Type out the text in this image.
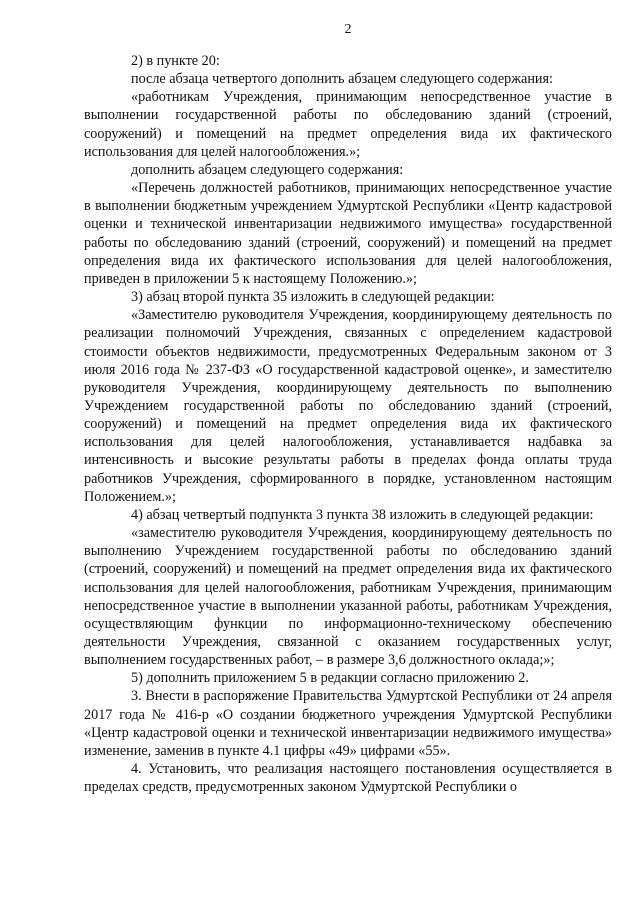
2

2) в пункте 20:

после абзаца четвертого дополнить абзацем следующего содержания:

«работникам Учреждения, принимающим непосредственное участие в выполнении государственной работы по обследованию зданий (строений, сооружений) и помещений на предмет определения вида их фактического использования для целей налогообложения.»;

дополнить абзацем следующего содержания:

«Перечень должностей работников, принимающих непосредственное участие в выполнении бюджетным учреждением Удмуртской Республики «Центр кадастровой оценки и технической инвентаризации недвижимого имущества» государственной работы по обследованию зданий (строений, сооружений) и помещений на предмет определения вида их фактического использования для целей налогообложения, приведен в приложении 5 к настоящему Положению.»;

3) абзац второй пункта 35 изложить в следующей редакции:

«Заместителю руководителя Учреждения, координирующему деятельность по реализации полномочий Учреждения, связанных с определением кадастровой стоимости объектов недвижимости, предусмотренных Федеральным законом от 3 июля 2016 года № 237-ФЗ «О государственной кадастровой оценке», и заместителю руководителя Учреждения, координирующему деятельность по выполнению Учреждением государственной работы по обследованию зданий (строений, сооружений) и помещений на предмет определения вида их фактического использования для целей налогообложения, устанавливается надбавка за интенсивность и высокие результаты работы в пределах фонда оплаты труда работников Учреждения, сформированного в порядке, установленном настоящим Положением.»;

4) абзац четвертый подпункта 3 пункта 38 изложить в следующей редакции:

«заместителю руководителя Учреждения, координирующему деятельность по выполнению Учреждением государственной работы по обследованию зданий (строений, сооружений) и помещений на предмет определения вида их фактического использования для целей налогообложения, работникам Учреждения, принимающим непосредственное участие в выполнении указанной работы, работникам Учреждения, осуществляющим функции по информационно-техническому обеспечению деятельности Учреждения, связанной с оказанием государственных услуг, выполнением государственных работ, – в размере 3,6 должностного оклада;»;

5) дополнить приложением 5 в редакции согласно приложению 2.

3. Внести в распоряжение Правительства Удмуртской Республики от 24 апреля 2017 года № 416-р «О создании бюджетного учреждения Удмуртской Республики «Центр кадастровой оценки и технической инвентаризации недвижимого имущества» изменение, заменив в пункте 4.1 цифры «49» цифрами «55».

4. Установить, что реализация настоящего постановления осуществляется в пределах средств, предусмотренных законом Удмуртской Республики о
